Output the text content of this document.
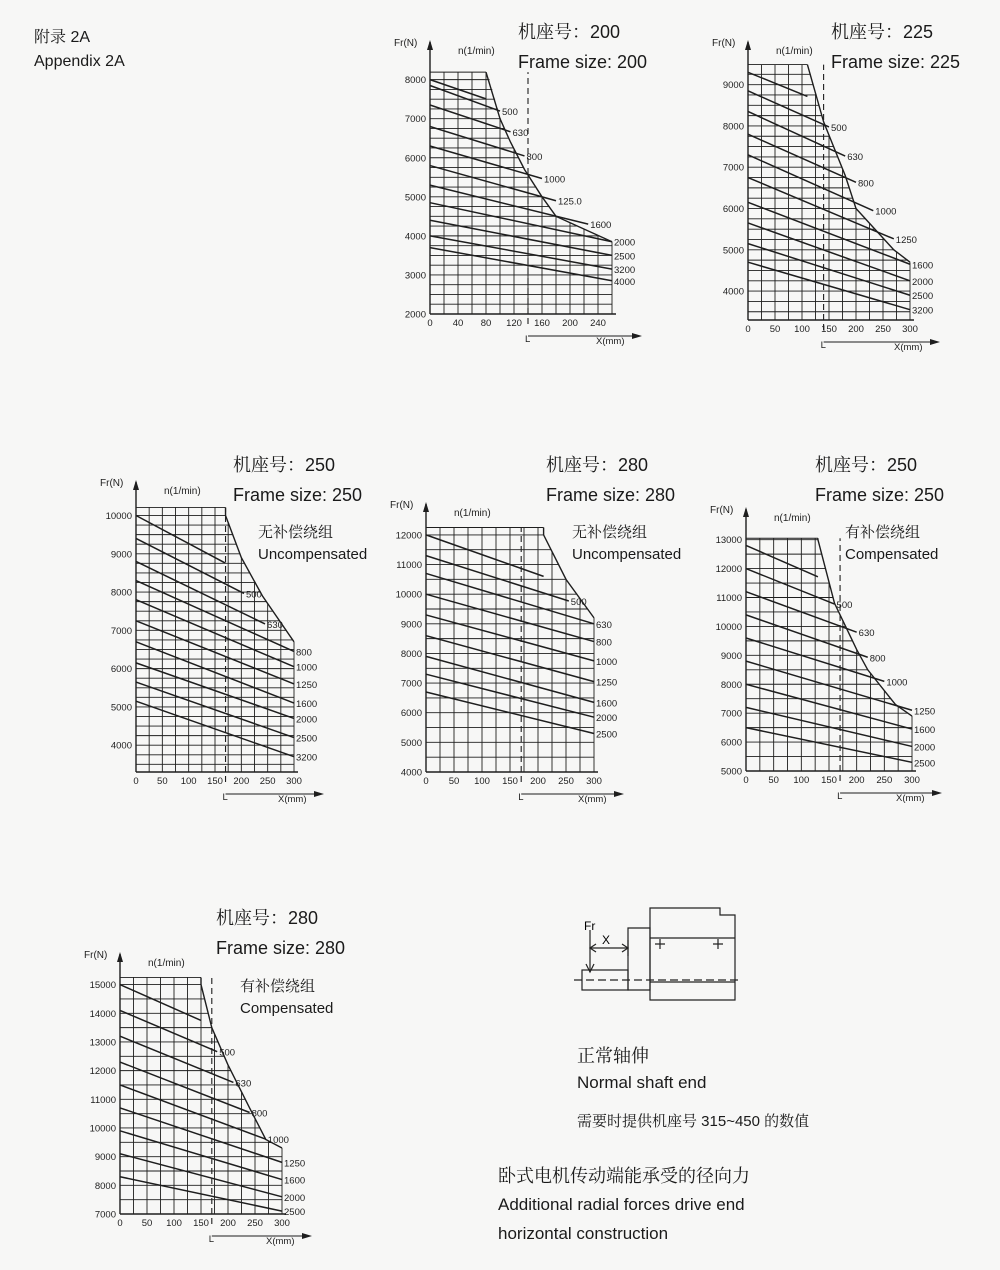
附录 2A
Appendix 2A
机座号：200
Frame size: 200
机座号：225
Frame size: 225
机座号：250
Frame size: 250
无补偿绕组
Uncompensated
机座号：280
Frame size: 280
无补偿绕组
Uncompensated
机座号：250
Frame size: 250
有补偿绕组
Compensated
机座号：280
Frame size: 280
有补偿绕组
Compensated
500
630
800
1000
125.0
1600
2000
2500
3200
4000
L
2000
3000
4000
5000
6000
7000
8000
0 40 80 120 160 200 240
Fr(N)
n(1/min)
X(mm)
500
630
800
1000
1250
1600
2000
2500
3200
L
4000
5000
6000
7000
8000
9000
0 50 100 150 200 250 300
Fr(N)
n(1/min)
X(mm)
500
630
800
1000
1250
1600
2000
2500
3200
L
4000
5000
6000
7000
8000
9000
10000
0 50 100 150 200 250 300
Fr(N)
n(1/min)
X(mm)
500
630
800
1000
1250
1600
2000
2500
L
4000
5000
6000
7000
8000
9000
10000
11000
12000
0 50 100 150 200 250 300
Fr(N)
n(1/min)
X(mm)
500
630
800
1000
1250
1600
2000
2500
L
5000
6000
7000
8000
9000
10000
11000
12000
13000
0 50 100 150 200 250 300
Fr(N)
n(1/min)
X(mm)
500
630
800
1000
1250
1600
2000
2500
L
7000
8000
9000
10000
11000
12000
13000
14000
15000
0 50 100 150 200 250 300
Fr(N)
n(1/min)
X(mm)
Fr
X
正常轴伸
Normal shaft end
需要时提供机座号 315~450 的数值
卧式电机传动端能承受的径向力
Additional radial forces drive end
horizontal construction
